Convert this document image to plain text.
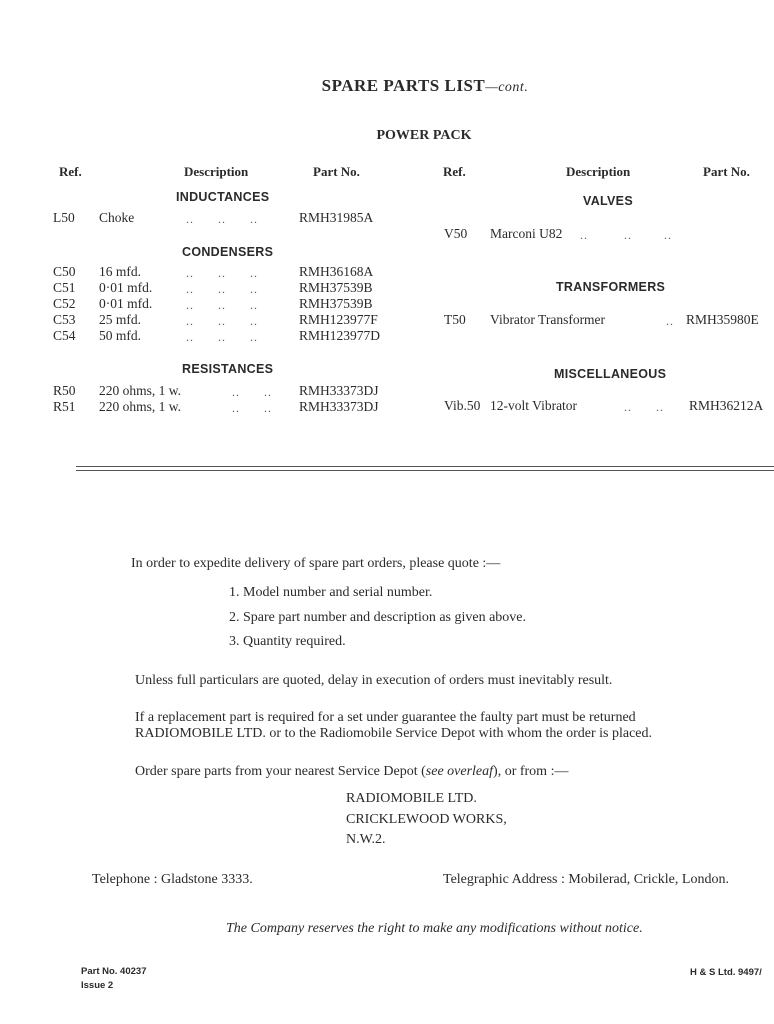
SPARE PARTS LIST—cont.
POWER PACK
Ref.	Description	Part No.	Ref.	Description	Part No.
INDUCTANCES
L50 Choke	..      ..      ..	RMH31985A
CONDENSERS
C50 16 mfd.	..      ..      ..	RMH36168A
C51 0·01 mfd.	..      ..      ..	RMH37539B
C52 0·01 mfd.	..      ..      ..	RMH37539B
C53 25 mfd.	..      ..      ..	RMH123977F
C54 50 mfd.	..      ..      ..	RMH123977D
RESISTANCES
R50 220 ohms, 1 w.	..      .. RMH33373DJ
R51 220 ohms, 1 w.	..      .. RMH33373DJ
VALVES
V50 Marconi U82 ..         ..        ..
TRANSFORMERS
T50 Vibrator Transformer	.. RMH35980E
MISCELLANEOUS
Vib.50 12-volt Vibrator	..      .. RMH36212A
In order to expedite delivery of spare part orders, please quote :—
1. Model number and serial number.
2. Spare part number and description as given above.
3. Quantity required.
Unless full particulars are quoted, delay in execution of orders must inevitably result.
If a replacement part is required for a set under guarantee the faulty part must be returned
RADIOMOBILE LTD. or to the Radiomobile Service Depot with whom the order is placed.
Order spare parts from your nearest Service Depot (see overleaf), or from :—
RADIOMOBILE LTD.
CRICKLEWOOD WORKS,
N.W.2.
Telephone : Gladstone 3333.	Telegraphic Address : Mobilerad, Crickle, London.
The Company reserves the right to make any modifications without notice.
Part No. 40237
Issue 2
H & S Ltd. 9497/
